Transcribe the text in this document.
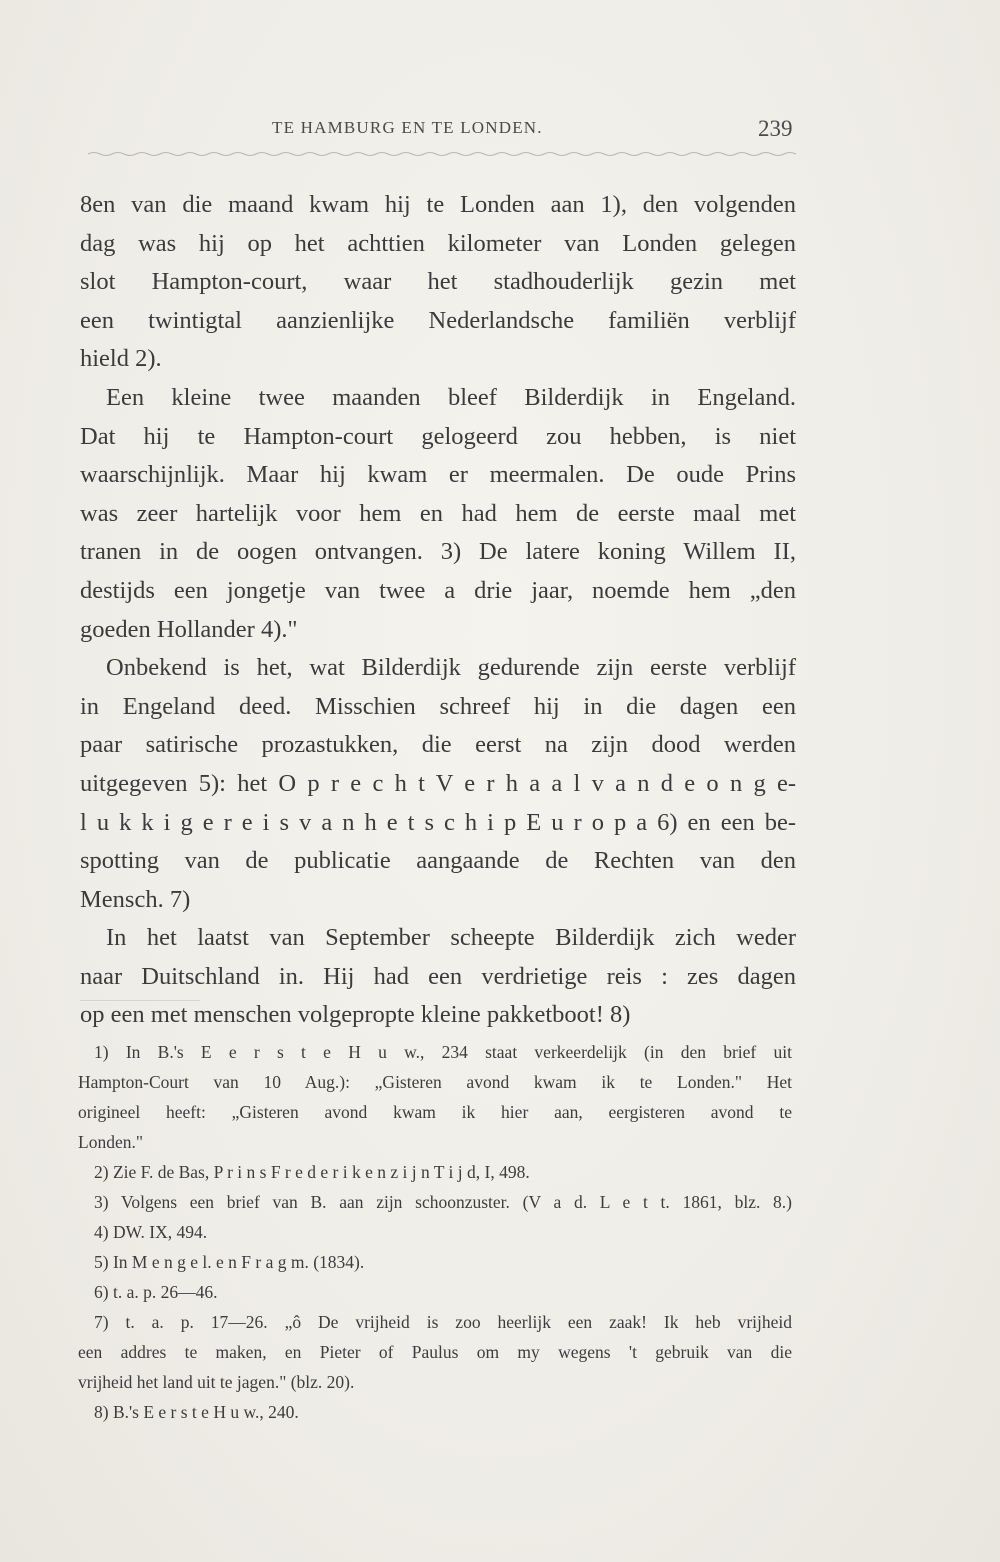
TE HAMBURG EN TE LONDEN.	239
8en van die maand kwam hij te Londen aan 1), den volgenden
dag was hij op het achttien kilometer van Londen gelegen
slot Hampton-court, waar het stadhouderlijk gezin met
een twintigtal aanzienlijke Nederlandsche familiën verblijf
hield 2).
Een kleine twee maanden bleef Bilderdijk in Engeland.
Dat hij te Hampton-court gelogeerd zou hebben, is niet
waarschijnlijk. Maar hij kwam er meermalen. De oude Prins
was zeer hartelijk voor hem en had hem de eerste maal met
tranen in de oogen ontvangen. 3) De latere koning Willem II,
destijds een jongetje van twee a drie jaar, noemde hem „den
goeden Hollander 4)."
Onbekend is het, wat Bilderdijk gedurende zijn eerste verblijf
in Engeland deed. Misschien schreef hij in die dagen een
paar satirische prozastukken, die eerst na zijn dood werden
uitgegeven 5): het O p r e c h t V e r h a a l v a n d e o n g e-
l u k k i g e r e i s v a n h e t s c h i p E u r o p a 6) en een be-
spotting van de publicatie aangaande de Rechten van den
Mensch. 7)
In het laatst van September scheepte Bilderdijk zich weder
naar Duitschland in. Hij had een verdrietige reis : zes dagen
op een met menschen volgepropte kleine pakketboot! 8)
1) In B.'s E e r s t e H u w., 234 staat verkeerdelijk (in den brief uit
Hampton-Court van 10 Aug.): „Gisteren avond kwam ik te Londen." Het
origineel heeft: „Gisteren avond kwam ik hier aan, eergisteren avond te
Londen."
2) Zie F. de Bas, P r i n s F r e d e r i k e n z i j n T i j d, I, 498.
3) Volgens een brief van B. aan zijn schoonzuster. (V a d. L e t t. 1861, blz. 8.)
4) DW. IX, 494.
5) In M e n g e l. e n F r a g m. (1834).
6) t. a. p. 26—46.
7) t. a. p. 17—26. „ô De vrijheid is zoo heerlijk een zaak! Ik heb vrijheid
een addres te maken, en Pieter of Paulus om my wegens 't gebruik van die
vrijheid het land uit te jagen." (blz. 20).
8) B.'s E e r s t e H u w., 240.
